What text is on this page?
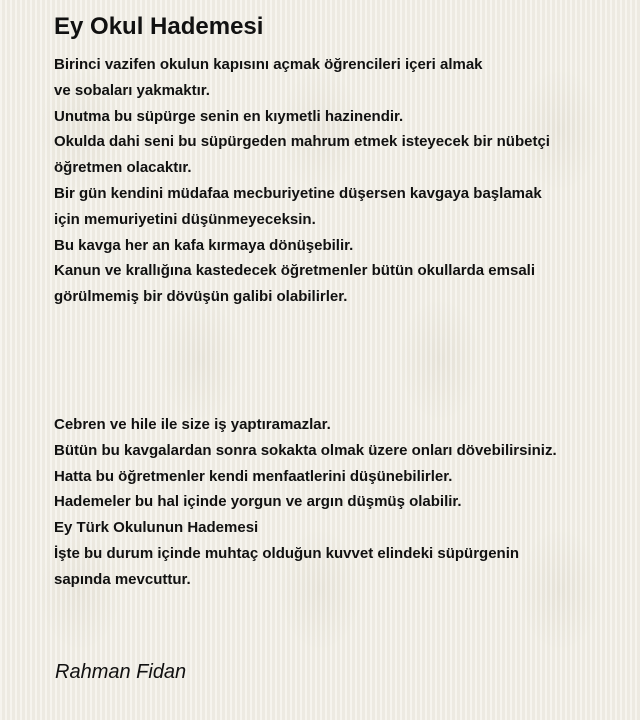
Ey Okul Hademesi
Birinci vazifen okulun kapısını açmak öğrencileri içeri almak
ve sobaları yakmaktır.
Unutma bu süpürge senin en kıymetli hazinendir.
Okulda dahi seni bu süpürgeden mahrum etmek isteyecek bir nübetçi
öğretmen olacaktır.
Bir gün kendini müdafaa mecburiyetine düşersen kavgaya başlamak
için memuriyetini düşünmeyeceksin.
Bu kavga her an kafa kırmaya dönüşebilir.
Kanun ve krallığına kastedecek öğretmenler bütün okullarda emsali
görülmemiş bir dövüşün galibi olabilirler.
Cebren ve hile ile size iş yaptıramazlar.
Bütün bu kavgalardan sonra sokakta olmak üzere onları dövebilirsiniz.
Hatta bu öğretmenler kendi menfaatlerini düşünebilirler.
Hademeler bu hal içinde yorgun ve argın düşmüş olabilir.
Ey Türk Okulunun Hademesi
İşte bu durum içinde muhtaç olduğun kuvvet elindeki süpürgenin
sapında mevcuttur.

Rahman Fidan
